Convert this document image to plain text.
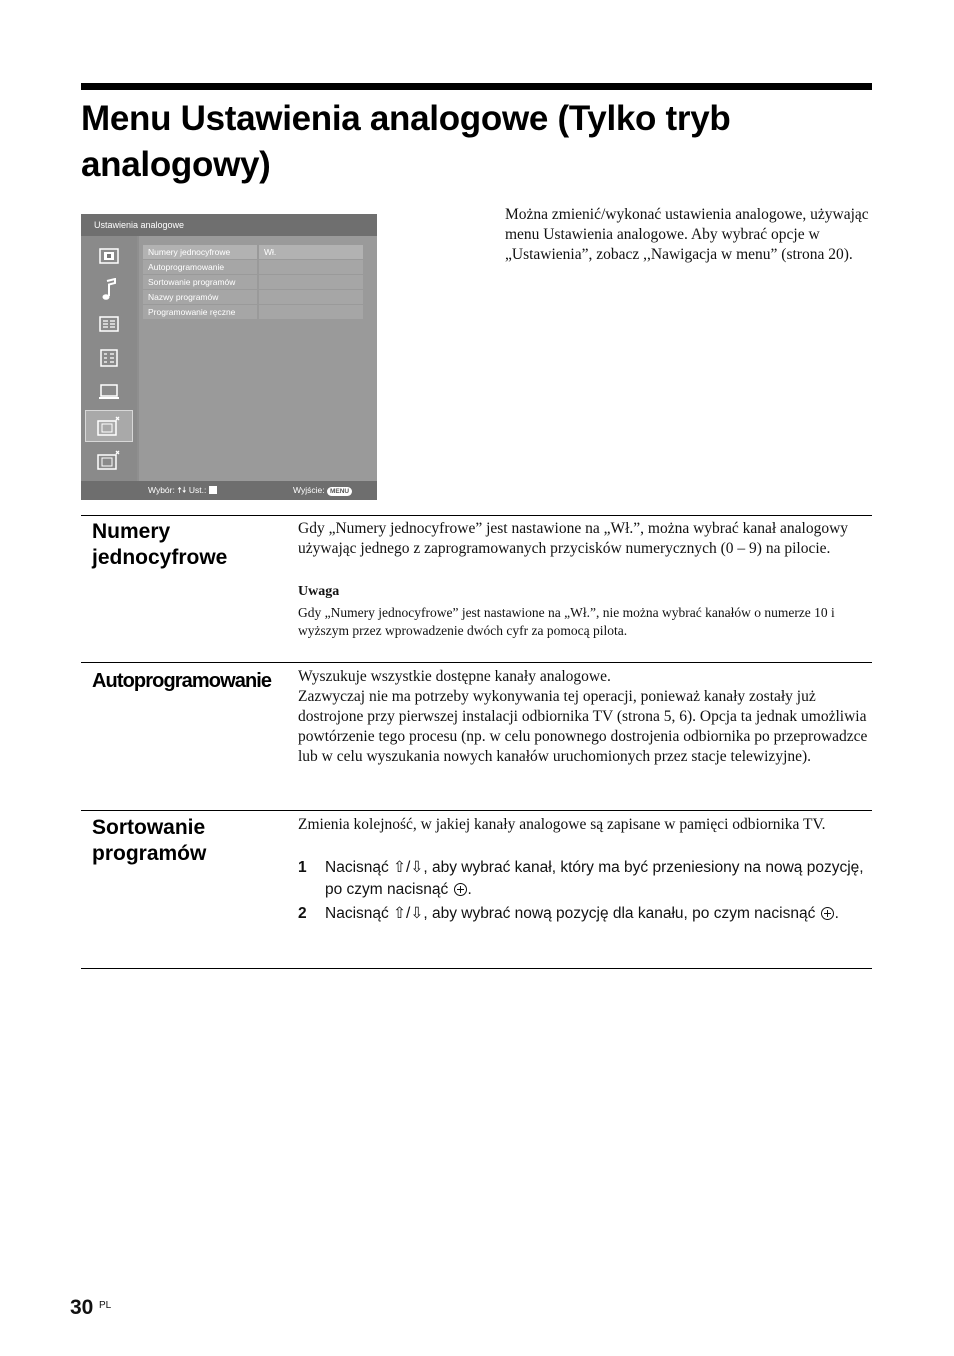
Menu Ustawienia analogowe (Tylko tryb analogowy)
Ustawienia analogowe
Numery jednocyfrowe	Wł.
Autoprogramowanie
Sortowanie programów
Nazwy programów
Programowanie ręczne
Wybór: 🠅🠇 Ust.:	Wyjście: MENU

Można zmienić/wykonać ustawienia analogowe, używając menu Ustawienia analogowe. Aby wybrać opcje w „Ustawienia”, zobacz ,,Nawigacja w menu” (strona 20).

Numery jednocyfrowe

Gdy „Numery jednocyfrowe” jest nastawione na „Wł.”, można wybrać kanał analogowy używając jednego z zaprogramowanych przycisków numerycznych (0 – 9) na pilocie.

Uwaga

Gdy „Numery jednocyfrowe” jest nastawione na „Wł.”, nie można wybrać kanałów o numerze 10 i wyższym przez wprowadzenie dwóch cyfr za pomocą pilota.

Autoprogramowanie	Wyszukuje wszystkie dostępne kanały analogowe.
Zazwyczaj nie ma potrzeby wykonywania tej operacji, ponieważ kanały zostały już dostrojone przy pierwszej instalacji odbiornika TV (strona 5, 6). Opcja ta jednak umożliwia powtórzenie tego procesu (np. w celu ponownego dostrojenia odbiornika po przeprowadzce lub w celu wyszukania nowych kanałów uruchomionych przez stacje telewizyjne).

Sortowanie programów

Zmienia kolejność, w jakiej kanały analogowe są zapisane w pamięci odbiornika TV.

1 Nacisnąć ⇧/⇩, aby wybrać kanał, który ma być przeniesiony na nową pozycję, po czym nacisnąć .
2 Nacisnąć ⇧/⇩, aby wybrać nową pozycję dla kanału, po czym nacisnąć .
30 PL
